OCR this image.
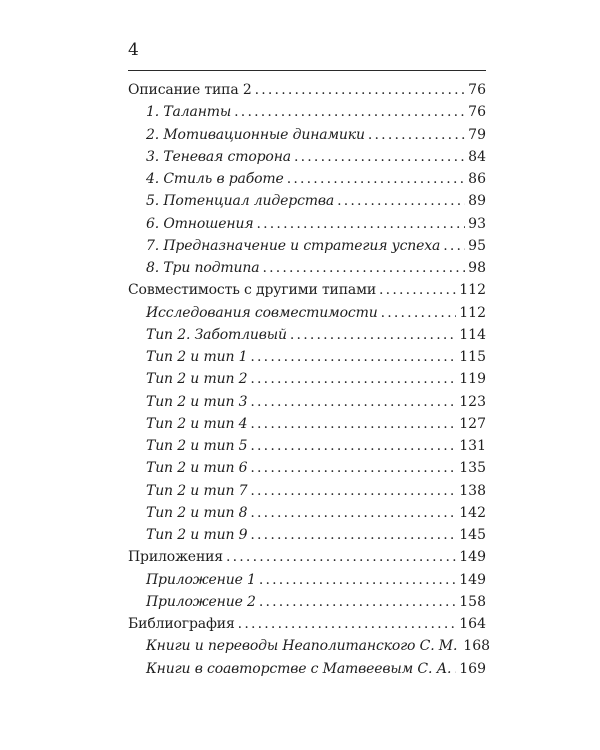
4
Описание типа 2 .....	76
1. Таланты .....	76
2. Мотивационные динамики .....	79
3. Теневая сторона .....	84
4. Стиль в работе .....	86
5. Потенциал лидерства .....	89
6. Отношения .....	93
7. Предназначение и стратегия успеха ..... 95
8. Три подтипа .....	98
Совместимость с другими типами .....	112
Исследования совместимости .....	112
Тип 2. Заботливый .....	114
Тип 2 и тип 1 .....	115
Тип 2 и тип 2 .....	119
Тип 2 и тип 3 .....	123
Тип 2 и тип 4 .....	127
Тип 2 и тип 5 .....	131
Тип 2 и тип 6 .....	135
Тип 2 и тип 7 .....	138
Тип 2 и тип 8 .....	142
Тип 2 и тип 9 .....	145
Приложения .....	149
Приложение 1 .....	149
Приложение 2 .....	158
Библиография .....	164
Книги и переводы Неаполитанского С. М. 168
Книги в соавторстве с Матвеевым С. А. ..... 169
